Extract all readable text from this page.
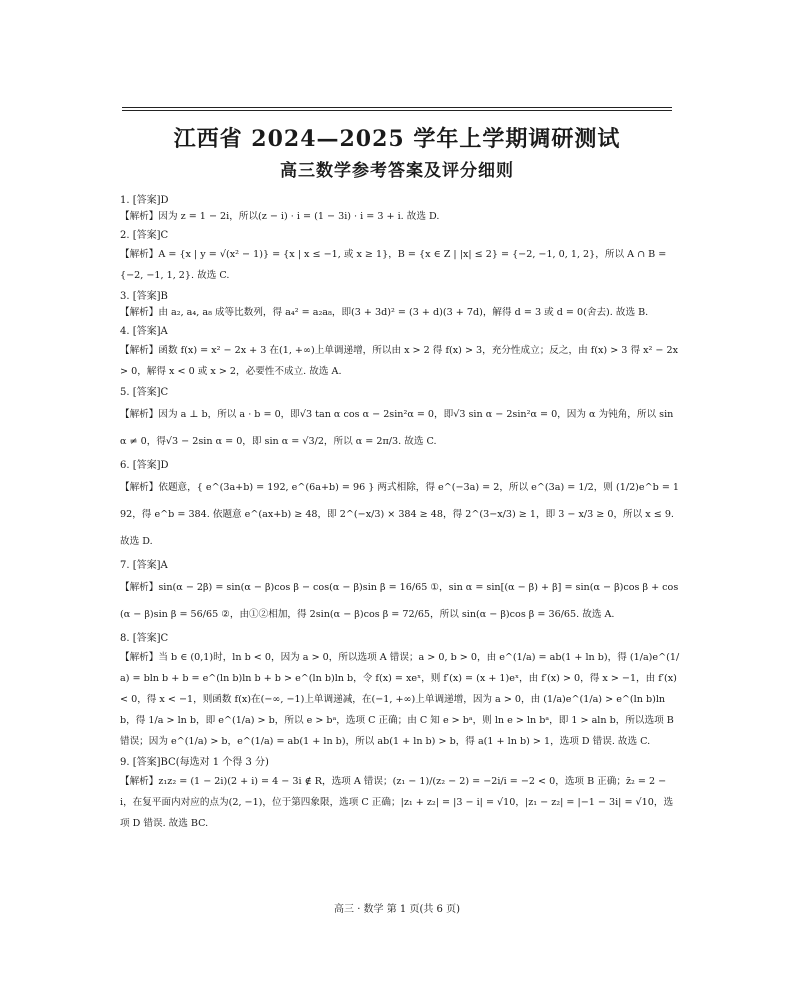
江西省 2024—2025 学年上学期调研测试
高三数学参考答案及评分细则
1. [答案]D
【解析】因为 z = 1 − 2i，所以(z − i) · i = (1 − 3i) · i = 3 + i. 故选 D.
2. [答案]C
【解析】A = {x | y = √(x² − 1)} = {x | x ≤ −1, 或 x ≥ 1}，B = {x ∈ Z | |x| ≤ 2} = {−2, −1, 0, 1, 2}，所以 A ∩ B = {−2, −1, 1, 2}. 故选 C.
3. [答案]B
【解析】由 a₂, a₄, a₈ 成等比数列，得 a₄² = a₂a₈，即(3 + 3d)² = (3 + d)(3 + 7d)，解得 d = 3 或 d = 0(舍去). 故选 B.
4. [答案]A
【解析】函数 f(x) = x² − 2x + 3 在(1, +∞)上单调递增，所以由 x > 2 得 f(x) > 3，充分性成立；反之，由 f(x) > 3 得 x² − 2x > 0，解得 x < 0 或 x > 2，必要性不成立. 故选 A.
5. [答案]C
【解析】因为 a ⊥ b，所以 a · b = 0，即√3 tan α cos α − 2sin²α = 0，即√3 sin α − 2sin²α = 0，因为 α 为钝角，所以 sin α ≠ 0，得√3 − 2sin α = 0，即 sin α = √3/2，所以 α = 2π/3. 故选 C.
6. [答案]D
【解析】依题意，{ e^(3a+b) = 192, e^(6a+b) = 96 } 两式相除，得 e^(−3a) = 2，所以 e^(3a) = 1/2，则 (1/2)e^b = 192，得 e^b = 384. 依题意 e^(ax+b) ≥ 48，即 2^(−x/3) × 384 ≥ 48，得 2^(3−x/3) ≥ 1，即 3 − x/3 ≥ 0，所以 x ≤ 9. 故选 D.
7. [答案]A
【解析】sin(α − 2β) = sin(α − β)cos β − cos(α − β)sin β = 16/65 ①，sin α = sin[(α − β) + β] = sin(α − β)cos β + cos(α − β)sin β = 56/65 ②，由①②相加，得 2sin(α − β)cos β = 72/65，所以 sin(α − β)cos β = 36/65. 故选 A.
8. [答案]C
【解析】当 b ∈ (0,1)时，ln b < 0，因为 a > 0，所以选项 A 错误；a > 0, b > 0，由 e^(1/a) = ab(1 + ln b)，得 (1/a)e^(1/a) = bln b + b = e^(ln b)ln b + b > e^(ln b)ln b，令 f(x) = xeˣ，则 f′(x) = (x + 1)eˣ，由 f′(x) > 0，得 x > −1，由 f′(x) < 0，得 x < −1，则函数 f(x)在(−∞, −1)上单调递减，在(−1, +∞)上单调递增，因为 a > 0，由 (1/a)e^(1/a) > e^(ln b)ln b，得 1/a > ln b，即 e^(1/a) > b，所以 e > bᵃ，选项 C 正确；由 C 知 e > bᵃ，则 ln e > ln bᵃ，即 1 > aln b，所以选项 B 错误；因为 e^(1/a) > b，e^(1/a) = ab(1 + ln b)，所以 ab(1 + ln b) > b，得 a(1 + ln b) > 1，选项 D 错误. 故选 C.
9. [答案]BC(每选对 1 个得 3 分)
【解析】z₁z₂ = (1 − 2i)(2 + i) = 4 − 3i ∉ R，选项 A 错误；(z₁ − 1)/(z₂ − 2) = −2i/i = −2 < 0，选项 B 正确；z̄₂ = 2 − i，在复平面内对应的点为(2, −1)，位于第四象限，选项 C 正确；|z₁ + z₂| = |3 − i| = √10，|z₁ − z₂| = |−1 − 3i| = √10，选项 D 错误. 故选 BC.
高三 · 数学 第 1 页(共 6 页)
